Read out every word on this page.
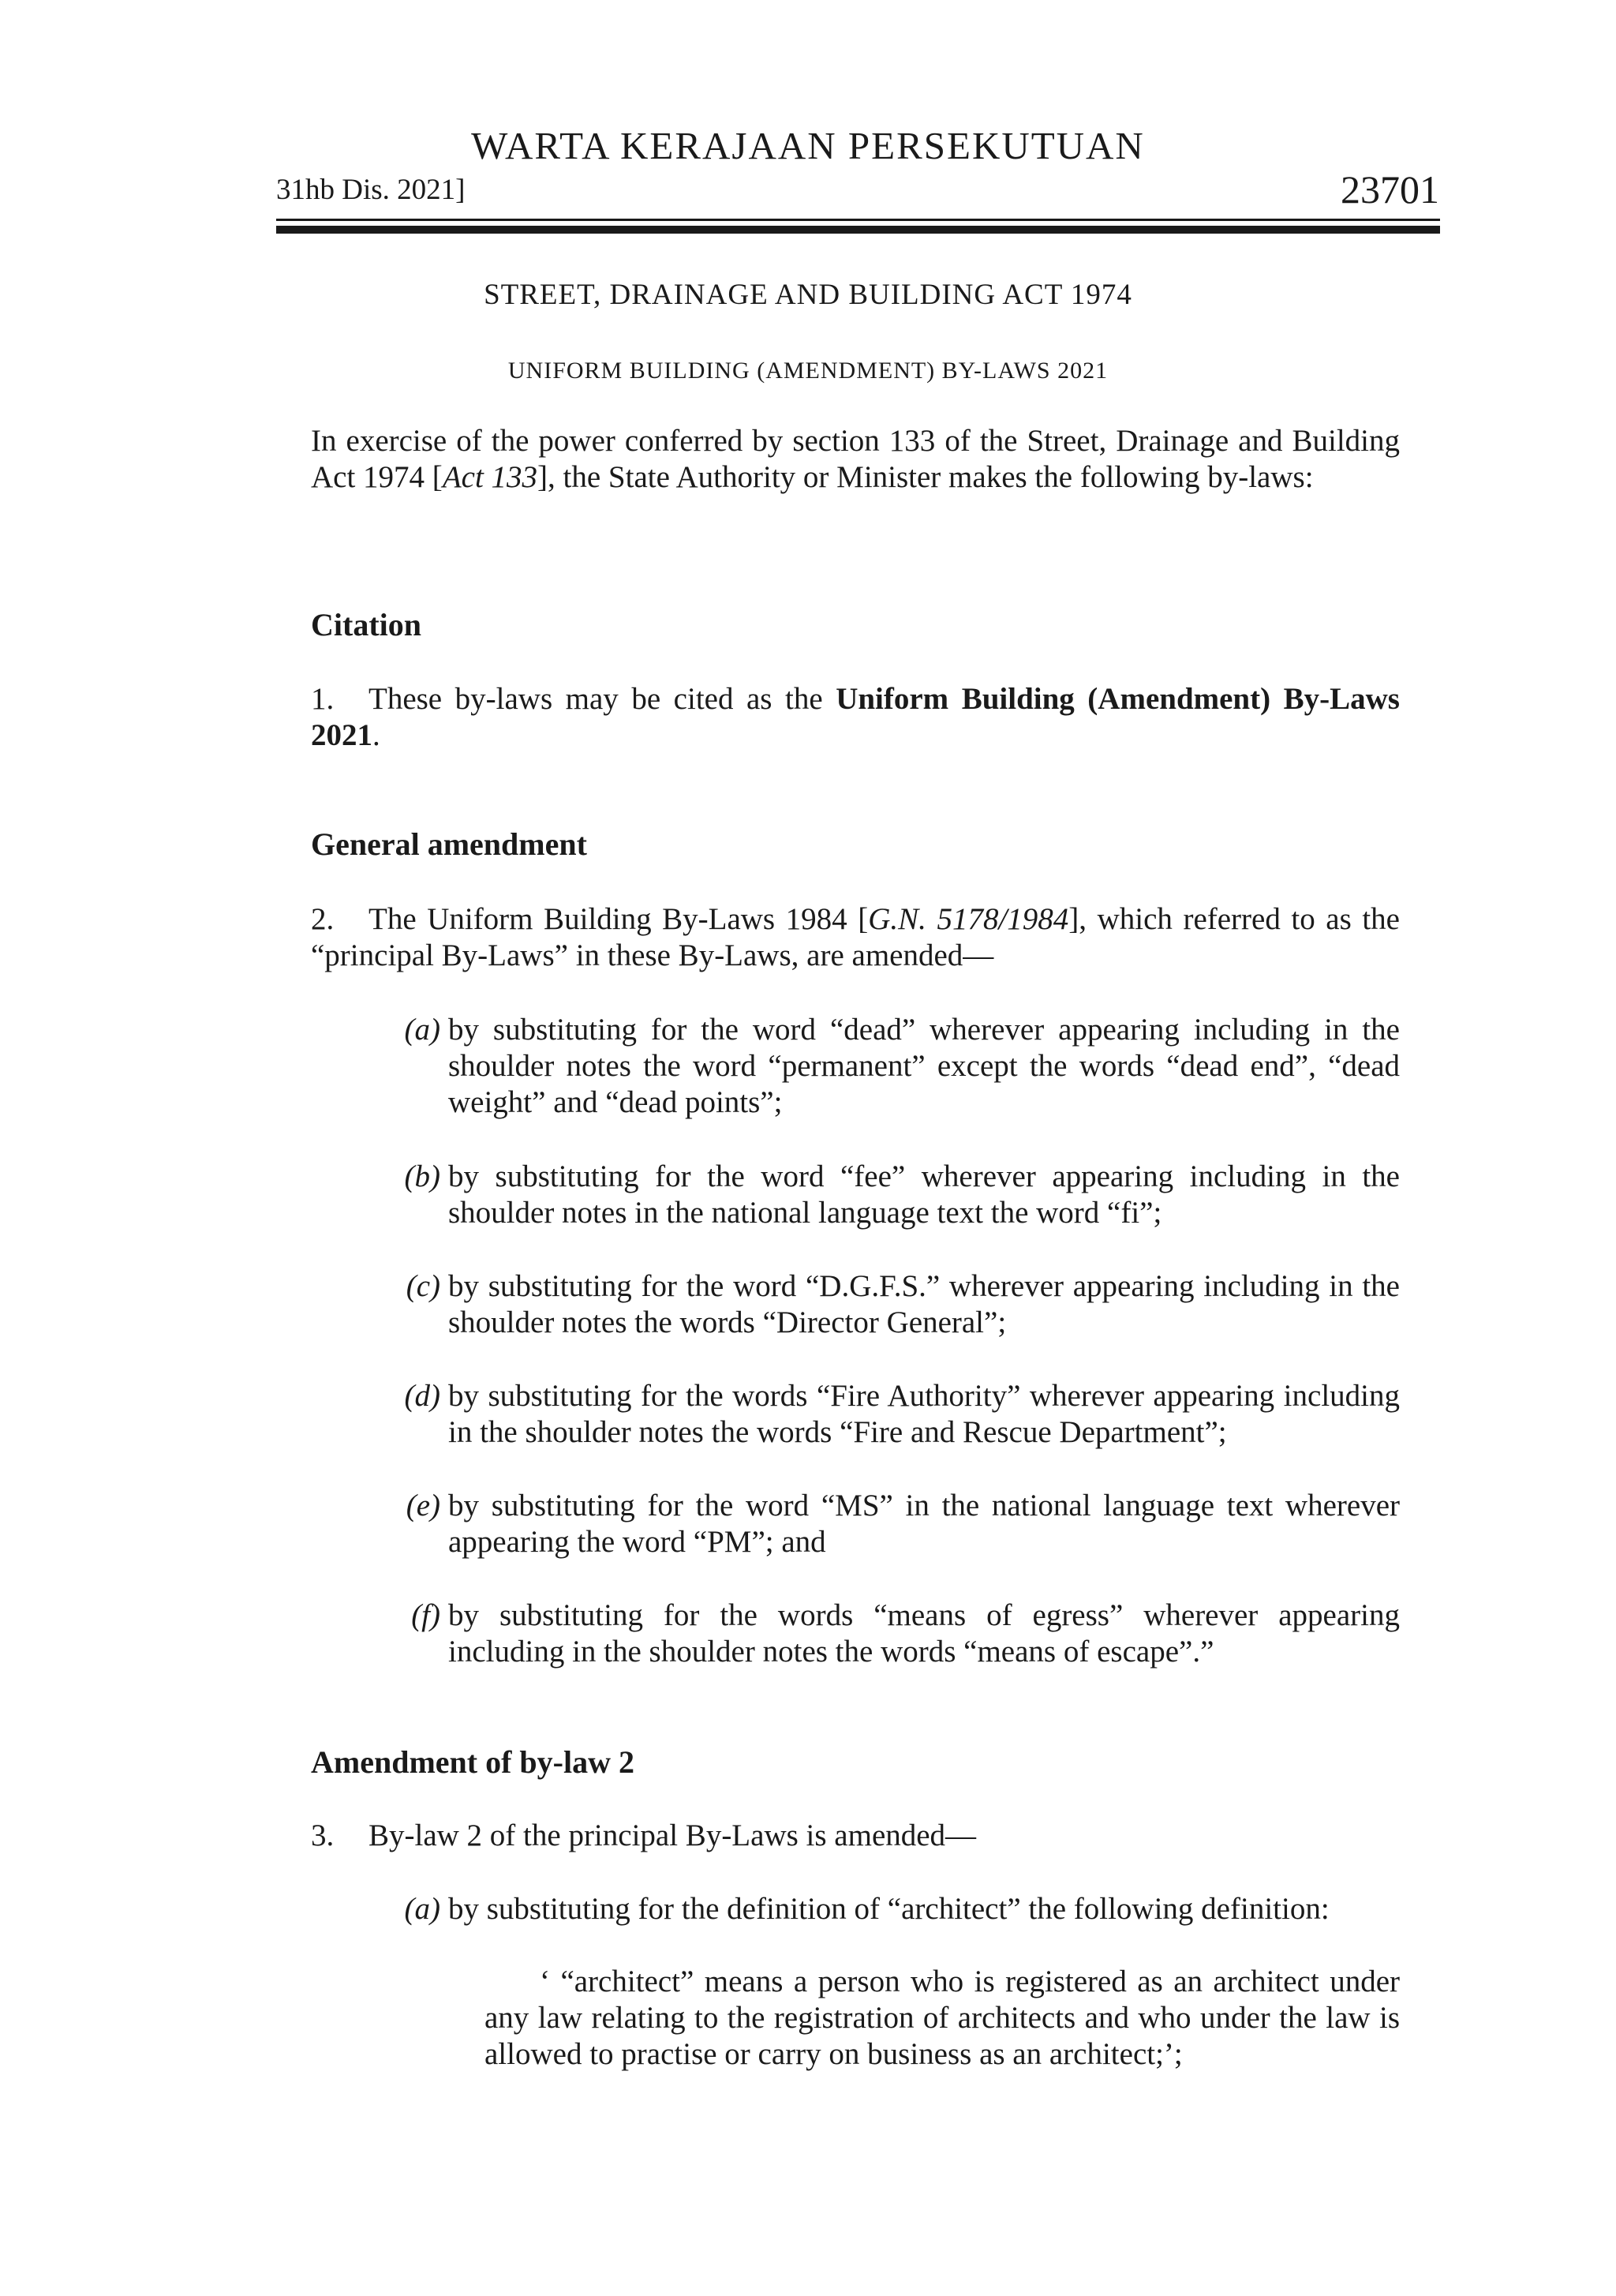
WARTA KERAJAAN PERSEKUTUAN
31hb Dis. 2021]	23701
STREET, DRAINAGE AND BUILDING ACT 1974
UNIFORM BUILDING (AMENDMENT) BY-LAWS 2021

In exercise of the power conferred by section 133 of the Street, Drainage and Building Act 1974 [Act 133], the State Authority or Minister makes the following by-laws:

Citation

1. These by-laws may be cited as the Uniform Building (Amendment) By-Laws 2021.

General amendment

2. The Uniform Building By-Laws 1984 [G.N. 5178/1984], which referred to as the “principal By-Laws” in these By-Laws, are amended—

(a) by substituting for the word “dead” wherever appearing including in the shoulder notes the word “permanent” except the words “dead end”, “dead weight” and “dead points”;
(b) by substituting for the word “fee” wherever appearing including in the shoulder notes in the national language text the word “fi”;
(c) by substituting for the word “D.G.F.S.” wherever appearing including in the shoulder notes the words “Director General”;
(d) by substituting for the words “Fire Authority” wherever appearing including in the shoulder notes the words “Fire and Rescue Department”;
(e) by substituting for the word “MS” in the national language text wherever appearing the word “PM”; and
(f) by substituting for the words “means of egress” wherever appearing including in the shoulder notes the words “means of escape”.”
Amendment of by-law 2

3. By-law 2 of the principal By-Laws is amended—

(a) by substituting for the definition of “architect” the following definition:

‘ “architect” means a person who is registered as an architect under any law relating to the registration of architects and who under the law is allowed to practise or carry on business as an architect;’;
